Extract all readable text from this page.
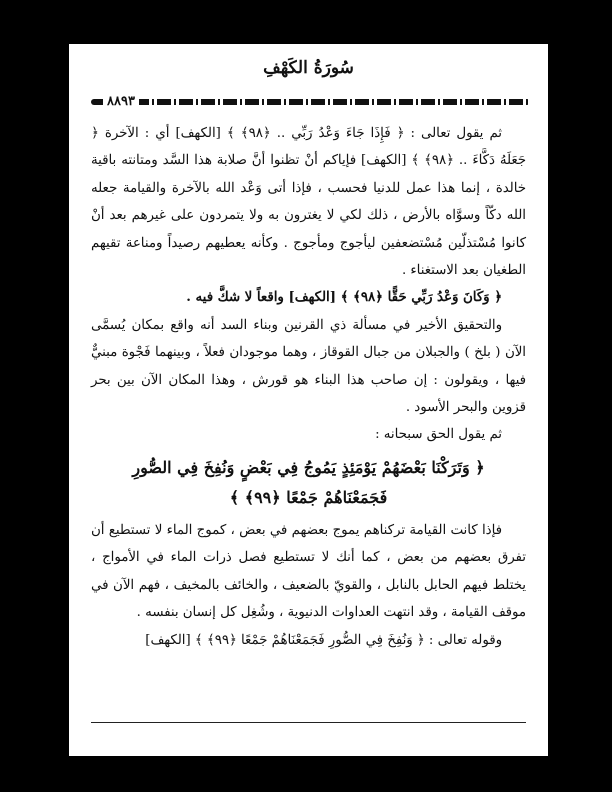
سُورَةُ الكَهْفِ
٨٨٩٣

ثم يقول تعالى : ﴿ فَإِذَا جَاءَ وَعْدُ رَبِّي .. ﴿٩٨﴾ ﴾ [الكهف] أي : الآخرة ﴿ جَعَلَهُ دَكَّاءَ .. ﴿٩٨﴾ ﴾ [الكهف] فإياكم أنْ تظنوا أنَّ صلابة هذا السَّد ومتانته باقية خالدة ، إنما هذا عمل للدنيا فحسب ، فإذا أتى وَعْد الله بالآخرة والقيامة جعله الله دكّاً وسوَّاه بالأرض ، ذلك لكي لا يغترون به ولا يتمردون على غيرهم بعد أنْ كانوا مُسْتذلّين مُسْتضعفين ليأجوج ومأجوج . وكأنه يعطيهم رصيداً ومناعة تقيهم الطغيان بعد الاستغناء .

﴿ وَكَانَ وَعْدُ رَبِّي حَقًّا ﴿٩٨﴾ ﴾ [الكهف] واقعاً لا شكَّ فيه .

والتحقيق الأخير في مسألة ذي القرنين وبناء السد أنه واقع بمكان يُسمَّى الآن ( بلخ ) والجبلان من جبال القوقاز ، وهما موجودان فعلاً ، وبينهما فَجْوة مبنيٌّ فيها ، ويقولون : إن صاحب هذا البناء هو قورش ، وهذا المكان الآن بين بحر قزوين والبحر الأسود .

ثم يقول الحق سبحانه :

﴿ وَتَرَكْنَا بَعْضَهُمْ يَوْمَئِذٍ يَمُوجُ فِي بَعْضٍ وَنُفِخَ فِي الصُّورِ
فَجَمَعْنَاهُمْ جَمْعًا ﴿٩٩﴾ ﴾

فإذا كانت القيامة تركناهم يموج بعضهم في بعض ، كموج الماء لا تستطيع أن تفرق بعضهم من بعض ، كما أنك لا تستطيع فصل ذرات الماء في الأمواج ، يختلط فيهم الحابل بالنابل ، والقويّ بالضعيف ، والخائف بالمخيف ، فهم الآن في موقف القيامة ، وقد انتهت العداوات الدنيوية ، وشُغِل كل إنسان بنفسه .

وقوله تعالى : ﴿ وَنُفِخَ فِي الصُّورِ فَجَمَعْنَاهُمْ جَمْعًا ﴿٩٩﴾ ﴾ [الكهف]
